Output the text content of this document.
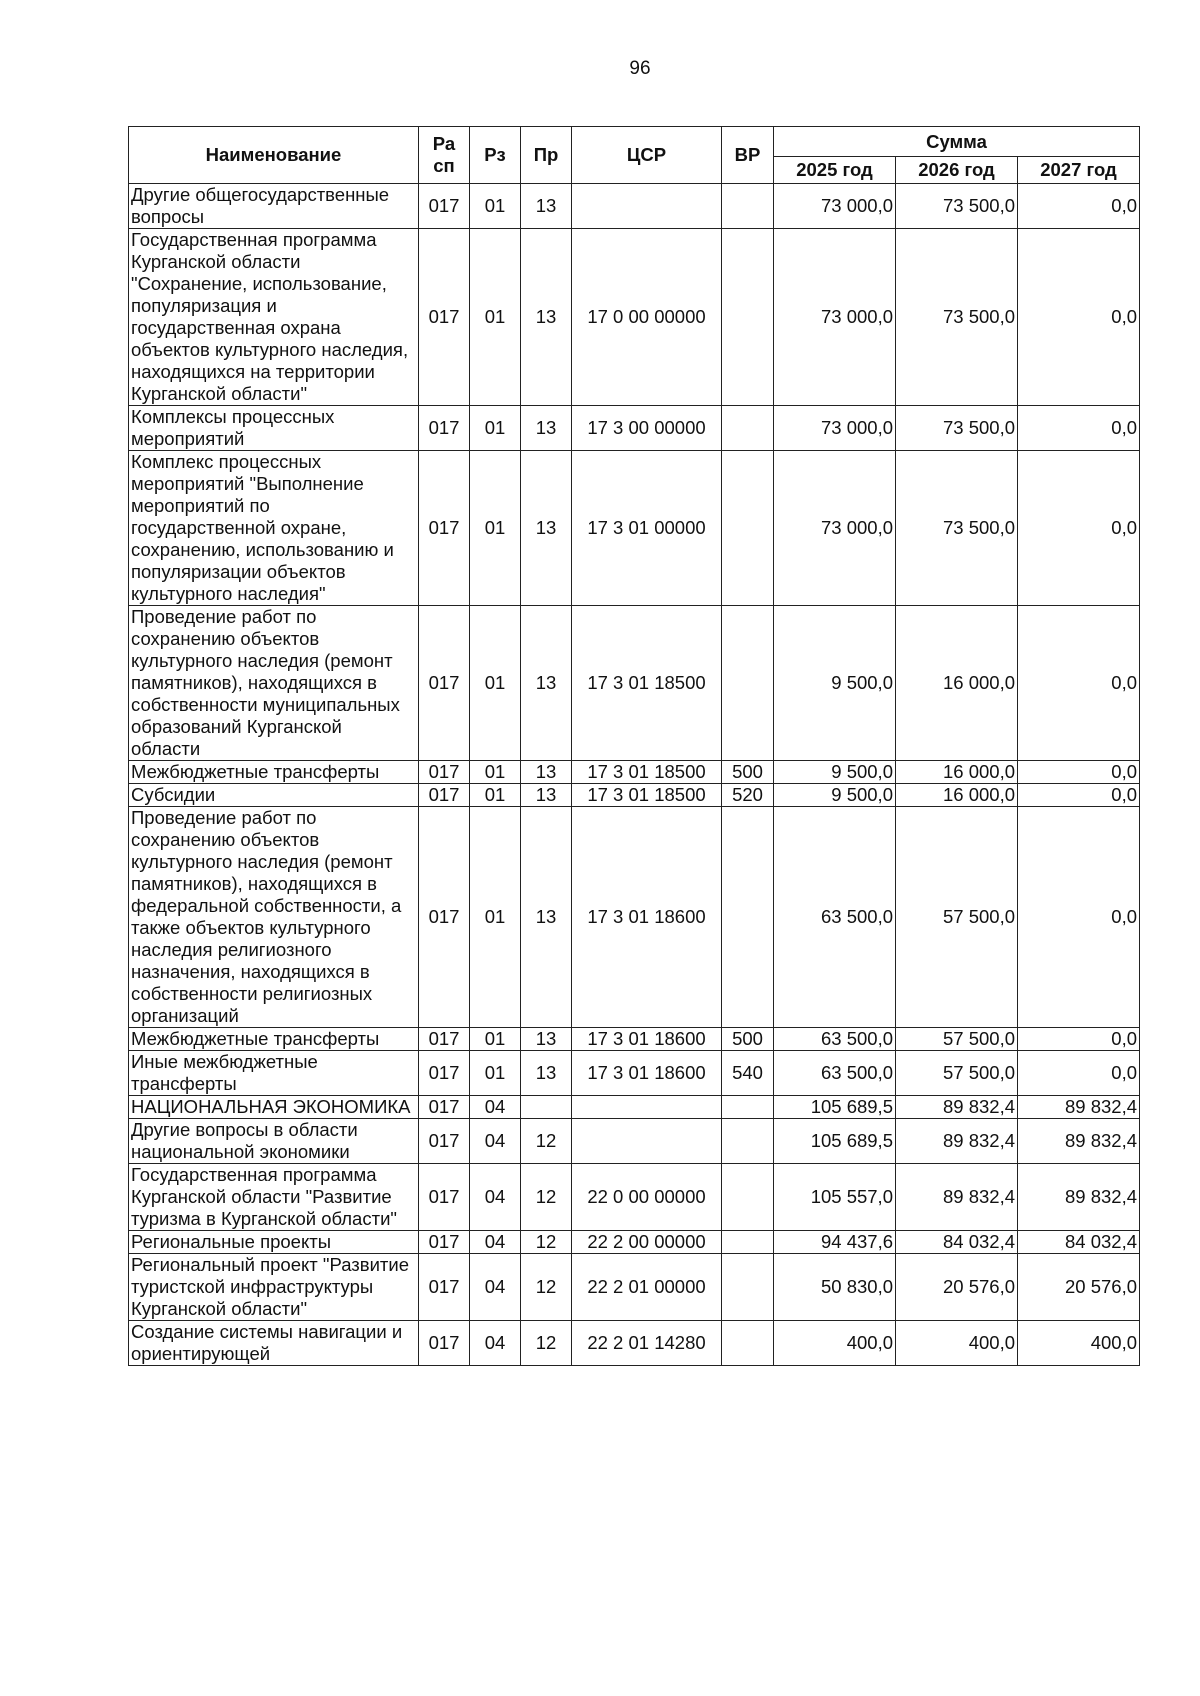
96
Наименование	Ра сп	Рз	Пр	ЦСР	ВР	Сумма		
						2025 год	2026 год	2027 год
Другие общегосударственные вопросы	017	01	13			73 000,0	73 500,0	0,0
Государственная программа Курганской области "Сохранение, использование, популяризация и государственная охрана объектов культурного наследия, находящихся на территории Курганской области"	017	01	13	17 0 00 00000		73 000,0	73 500,0	0,0
Комплексы процессных мероприятий	017	01	13	17 3 00 00000		73 000,0	73 500,0	0,0
Комплекс процессных мероприятий "Выполнение мероприятий по государственной охране, сохранению, использованию и популяризации объектов культурного наследия"	017	01	13	17 3 01 00000		73 000,0	73 500,0	0,0
Проведение работ по сохранению объектов культурного наследия (ремонт памятников), находящихся в собственности муниципальных образований Курганской области	017	01	13	17 3 01 18500		9 500,0	16 000,0	0,0
Межбюджетные трансферты	017	01	13	17 3 01 18500	500	9 500,0	16 000,0	0,0
Субсидии	017	01	13	17 3 01 18500	520	9 500,0	16 000,0	0,0
Проведение работ по сохранению объектов культурного наследия (ремонт памятников), находящихся в федеральной собственности, а также объектов культурного наследия религиозного назначения, находящихся в собственности религиозных организаций	017	01	13	17 3 01 18600		63 500,0	57 500,0	0,0
Межбюджетные трансферты	017	01	13	17 3 01 18600	500	63 500,0	57 500,0	0,0
Иные межбюджетные трансферты	017	01	13	17 3 01 18600	540	63 500,0	57 500,0	0,0
НАЦИОНАЛЬНАЯ ЭКОНОМИКА	017	04				105 689,5	89 832,4	89 832,4
Другие вопросы в области национальной экономики	017	04	12			105 689,5	89 832,4	89 832,4
Государственная программа Курганской области "Развитие туризма в Курганской области"	017	04	12	22 0 00 00000		105 557,0	89 832,4	89 832,4
Региональные проекты	017	04	12	22 2 00 00000		94 437,6	84 032,4	84 032,4
Региональный проект "Развитие туристской инфраструктуры Курганской области"	017	04	12	22 2 01 00000		50 830,0	20 576,0	20 576,0
Создание системы навигации и ориентирующей	017	04	12	22 2 01 14280		400,0	400,0	400,0
